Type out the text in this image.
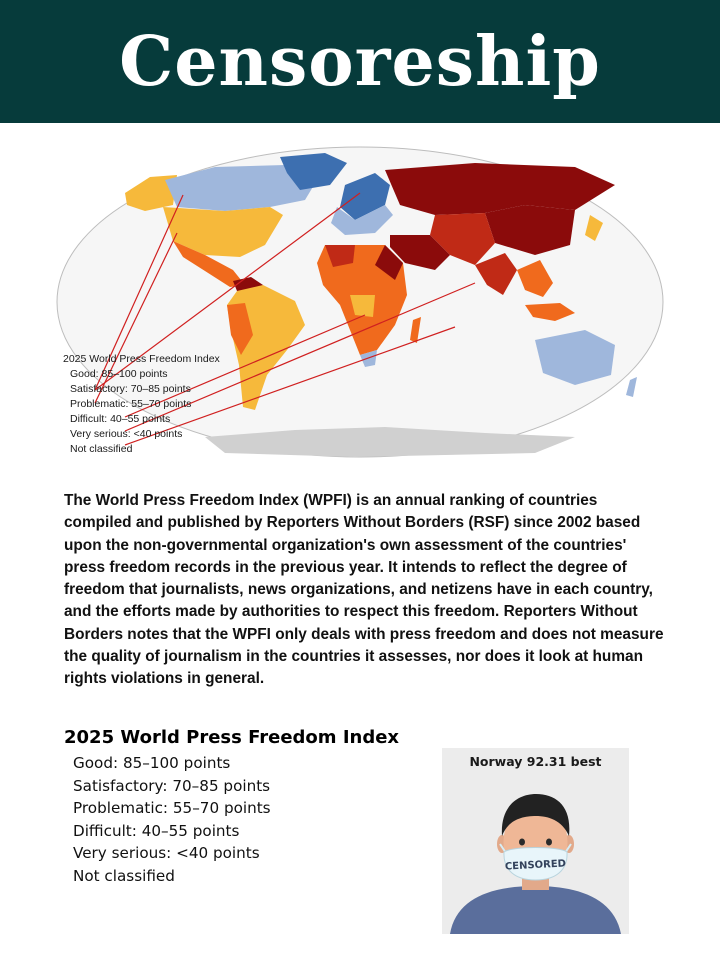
Censoreship
2025 World Press Freedom Index
Good: 85–100 points
Satisfactory: 70–85 points
Problematic: 55–70 points
Difficult: 40–55 points
Very serious: <40 points
Not classified

The World Press Freedom Index (WPFI) is an annual ranking of countries compiled and published by Reporters Without Borders (RSF) since 2002 based upon the non-governmental organization's own assessment of the countries' press freedom records in the previous year. It intends to reflect the degree of freedom that journalists, news organizations, and netizens have in each country, and the efforts made by authorities to respect this freedom. Reporters Without Borders notes that the WPFI only deals with press freedom and does not measure the quality of journalism in the countries it assesses, nor does it look at human rights violations in general.

2025 World Press Freedom Index
Good: 85–100 points
Satisfactory: 70–85 points
Problematic: 55–70 points
Difficult: 40–55 points
Very serious: <40 points
Not classified
CENSORED
Norway 92.31 best
